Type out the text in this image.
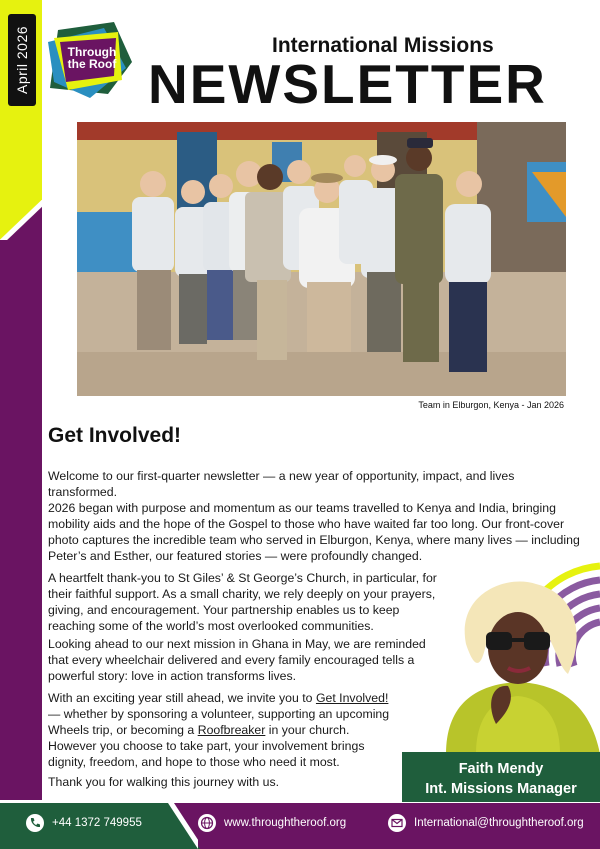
April 2026	Through
the Roof
International Missions
NEWSLETTER
Team in Elburgon, Kenya - Jan 2026
Get Involved!

Welcome to our first-quarter newsletter — a new year of opportunity, impact, and lives transformed.

2026 began with purpose and momentum as our teams travelled to Kenya and India, bringing mobility aids and the hope of the Gospel to those who have waited far too long. Our front-cover photo captures the incredible team who served in Elburgon, Kenya, where many lives — including Peter’s and Esther, our featured stories — were profoundly changed.

A heartfelt thank-you to St Giles’ & St George’s Church, in particular, for their faithful support. As a small charity, we rely deeply on your prayers, giving, and encouragement. Your partnership enables us to keep reaching some of the world’s most overlooked communities.

Looking ahead to our next mission in Ghana in May, we are reminded that every wheelchair delivered and every family encouraged tells a powerful story: love in action transforms lives.

With an exciting year still ahead, we invite you to Get Involved! — whether by sponsoring a volunteer, supporting an upcoming Wheels trip, or becoming a Roofbreaker in your church. However you choose to take part, your involvement brings dignity, freedom, and hope to those who need it most.

Thank you for walking this journey with us.

Faith Mendy
Int. Missions Manager
+44 1372 749955	www.throughtheroof.org	International@throughtheroof.org
